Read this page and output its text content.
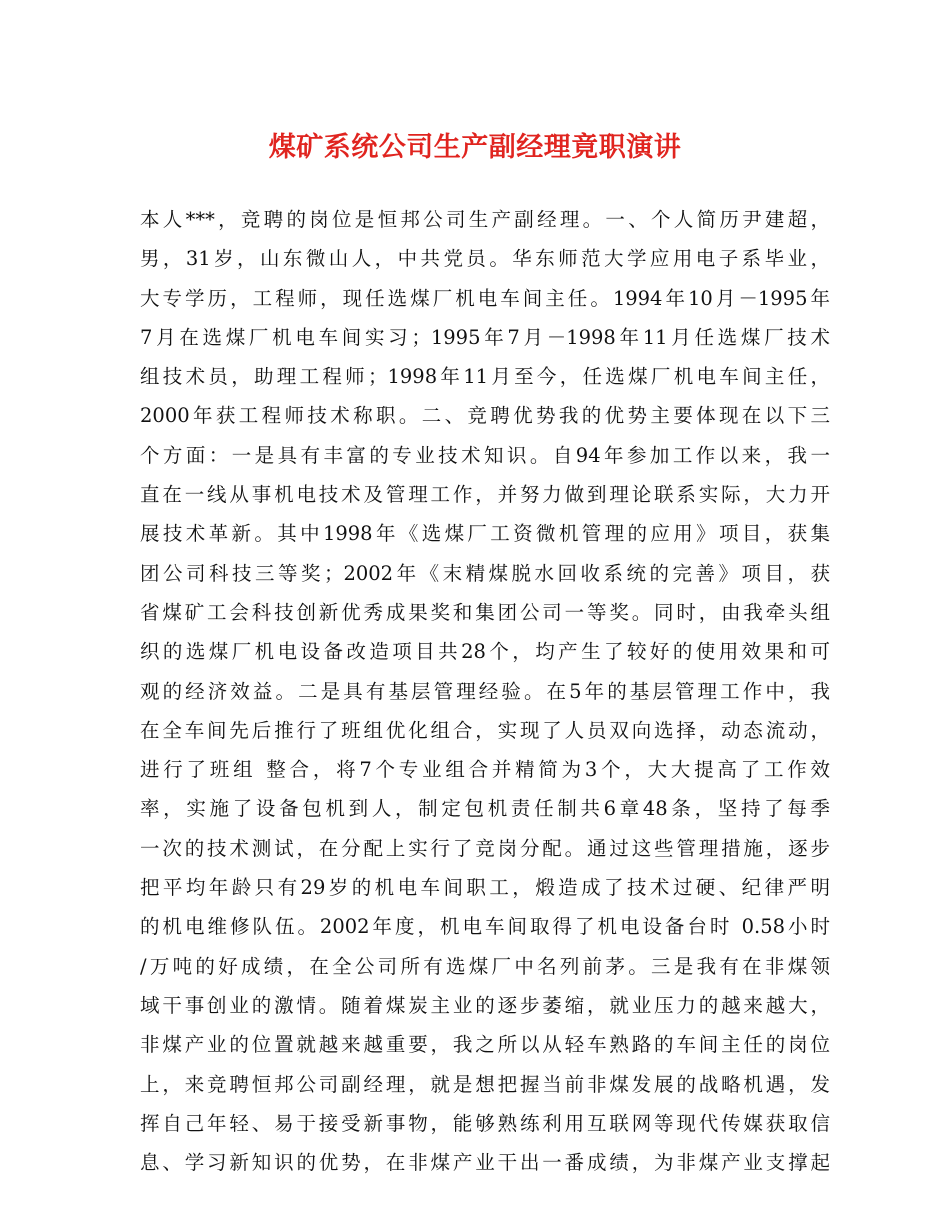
煤矿系统公司生产副经理竟职演讲
本人***，竞聘的岗位是恒邦公司生产副经理。一、个人简历尹建超，
男，31岁，山东微山人，中共党员。华东师范大学应用电子系毕业，
大专学历，工程师，现任选煤厂机电车间主任。1994年10月－1995年
7月在选煤厂机电车间实习；1995年7月－1998年11月任选煤厂技术
组技术员，助理工程师；1998年11月至今，任选煤厂机电车间主任，
2000年获工程师技术称职。二、竞聘优势我的优势主要体现在以下三
个方面：一是具有丰富的专业技术知识。自94年参加工作以来，我一
直在一线从事机电技术及管理工作，并努力做到理论联系实际，大力开
展技术革新。其中1998年《选煤厂工资微机管理的应用》项目，获集
团公司科技三等奖；2002年《末精煤脱水回收系统的完善》项目，获
省煤矿工会科技创新优秀成果奖和集团公司一等奖。同时，由我牵头组
织的选煤厂机电设备改造项目共28个，均产生了较好的使用效果和可
观的经济效益。二是具有基层管理经验。在5年的基层管理工作中，我
在全车间先后推行了班组优化组合，实现了人员双向选择，动态流动，
进行了班组 整合，将7个专业组合并精简为3个，大大提高了工作效
率，实施了设备包机到人，制定包机责任制共6章48条，坚持了每季
一次的技术测试，在分配上实行了竞岗分配。通过这些管理措施，逐步
把平均年龄只有29岁的机电车间职工，煅造成了技术过硬、纪律严明
的机电维修队伍。2002年度，机电车间取得了机电设备台时 0.58小时
/万吨的好成绩，在全公司所有选煤厂中名列前茅。三是我有在非煤领
域干事创业的激情。随着煤炭主业的逐步萎缩，就业压力的越来越大，
非煤产业的位置就越来越重要，我之所以从轻车熟路的车间主任的岗位
上，来竞聘恒邦公司副经理，就是想把握当前非煤发展的战略机遇，发
挥自己年轻、易于接受新事物，能够熟练利用互联网等现代传媒获取信
息、学习新知识的优势，在非煤产业干出一番成绩，为非煤产业支撑起
